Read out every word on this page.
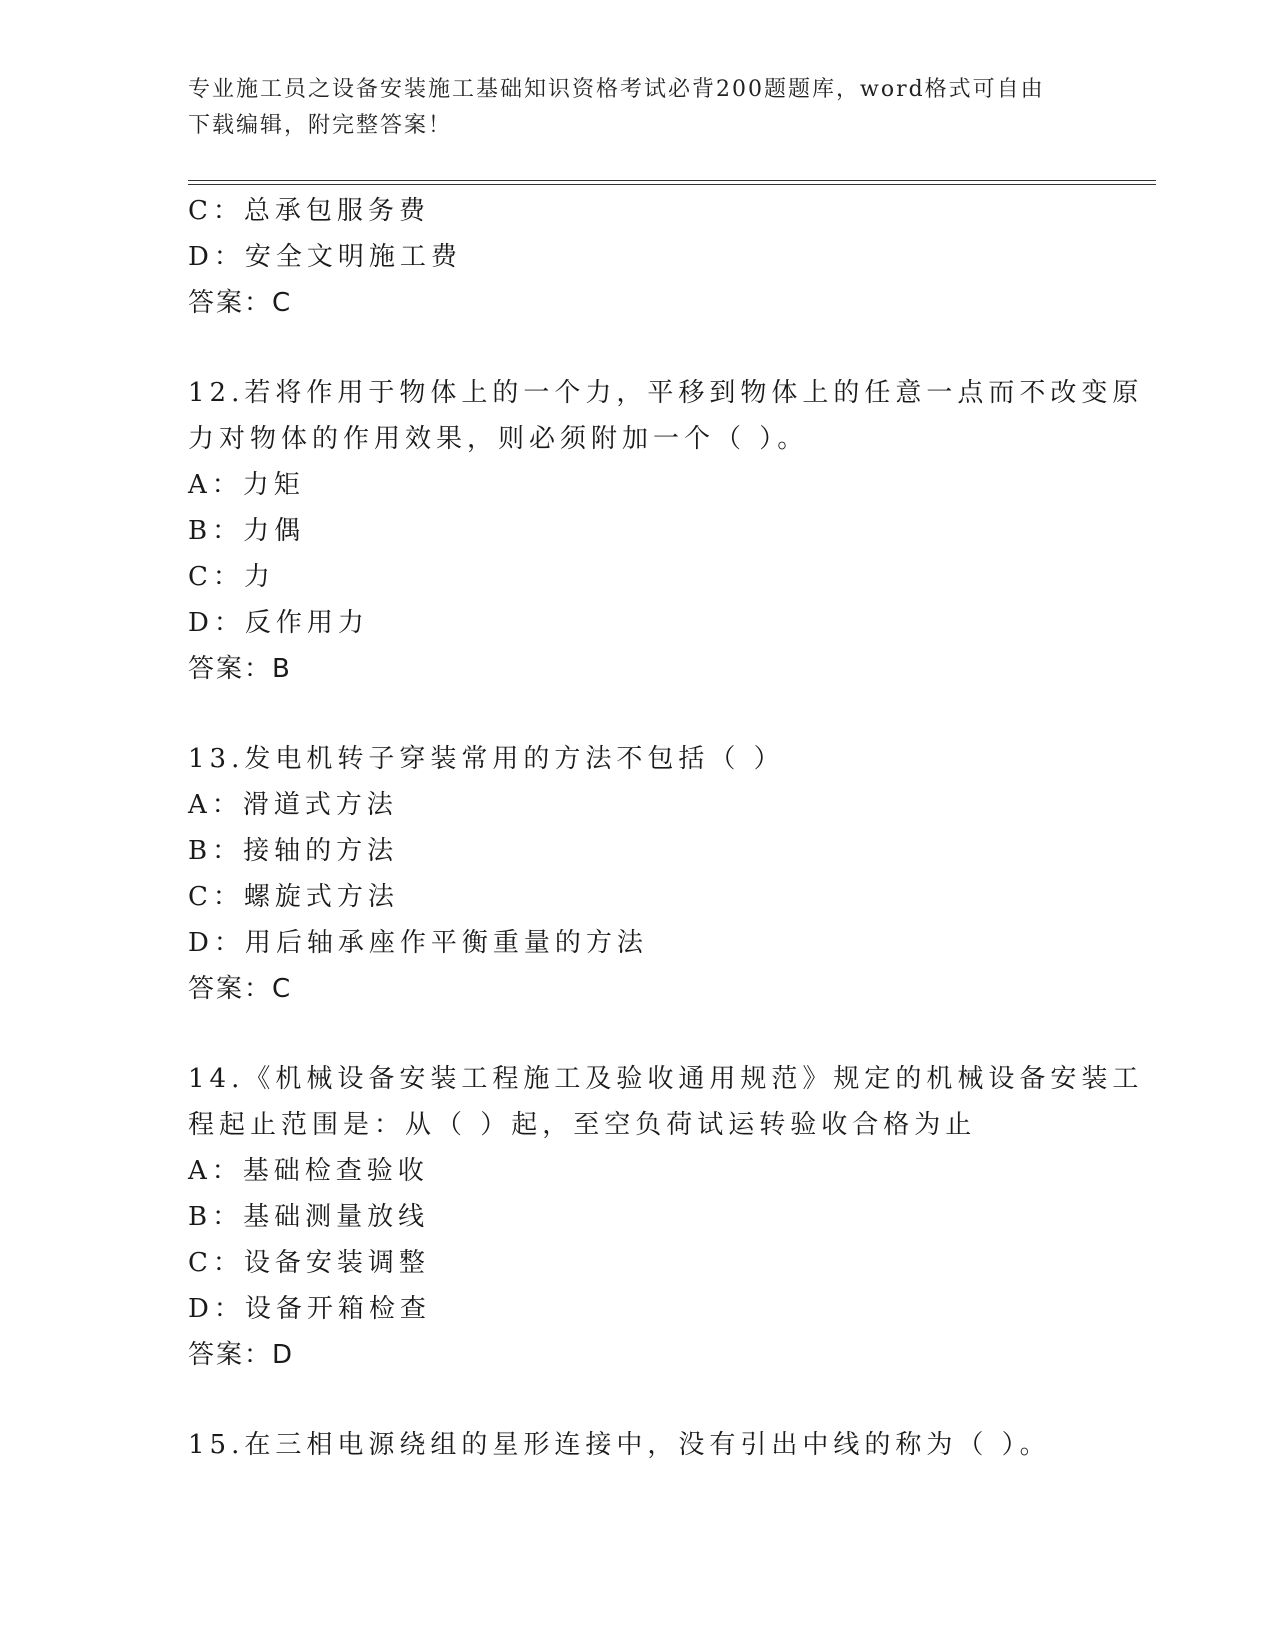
专业施工员之设备安装施工基础知识资格考试必背200题题库，word格式可自由
下载编辑，附完整答案！
C：总承包服务费
D：安全文明施工费
答案：C
12.若将作用于物体上的一个力，平移到物体上的任意一点而不改变原
力对物体的作用效果，则必须附加一个（ ）。
A：力矩
B：力偶
C：力
D：反作用力
答案：B
13.发电机转子穿装常用的方法不包括（ ）
A：滑道式方法
B：接轴的方法
C：螺旋式方法
D：用后轴承座作平衡重量的方法
答案：C
14.《机械设备安装工程施工及验收通用规范》规定的机械设备安装工
程起止范围是：从（ ）起，至空负荷试运转验收合格为止
A：基础检查验收
B：基础测量放线
C：设备安装调整
D：设备开箱检查
答案：D
15.在三相电源绕组的星形连接中，没有引出中线的称为（ ）。
